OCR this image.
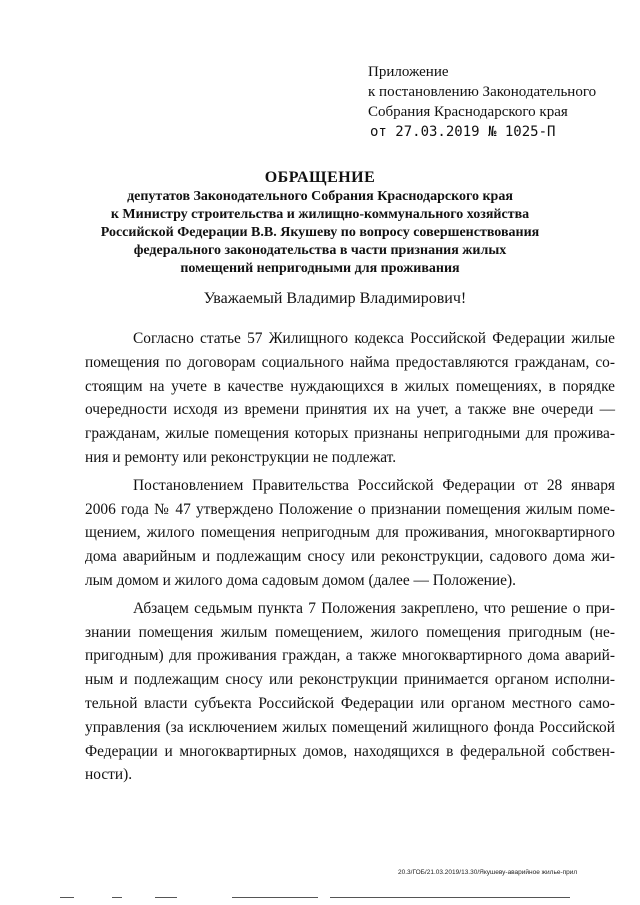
Приложение
к постановлению Законодательного
Собрания Краснодарского края
от 27.03.2019 № 1025-П
ОБРАЩЕНИЕ
депутатов Законодательного Собрания Краснодарского края
к Министру строительства и жилищно-коммунального хозяйства
Российской Федерации В.В. Якушеву по вопросу совершенствования
федерального законодательства в части признания жилых
помещений непригодными для проживания
Уважаемый Владимир Владимирович!
Согласно статье 57 Жилищного кодекса Российской Федерации жилые
помещения по договорам социального найма предоставляются гражданам, со-
стоящим на учете в качестве нуждающихся в жилых помещениях, в порядке
очередности исходя из времени принятия их на учет, а также вне очереди —
гражданам, жилые помещения которых признаны непригодными для прожива-
ния и ремонту или реконструкции не подлежат.
Постановлением Правительства Российской Федерации от 28 января
2006 года № 47 утверждено Положение о признании помещения жилым поме-
щением, жилого помещения непригодным для проживания, многоквартирного
дома аварийным и подлежащим сносу или реконструкции, садового дома жи-
лым домом и жилого дома садовым домом (далее — Положение).
Абзацем седьмым пункта 7 Положения закреплено, что решение о при-
знании помещения жилым помещением, жилого помещения пригодным (не-
пригодным) для проживания граждан, а также многоквартирного дома аварий-
ным и подлежащим сносу или реконструкции принимается органом исполни-
тельной власти субъекта Российской Федерации или органом местного само-
управления (за исключением жилых помещений жилищного фонда Российской
Федерации и многоквартирных домов, находящихся в федеральной собствен-
ности).
20.3/ГОБ/21.03.2019/13.30/Якушеву-аварийное жилье-прил
